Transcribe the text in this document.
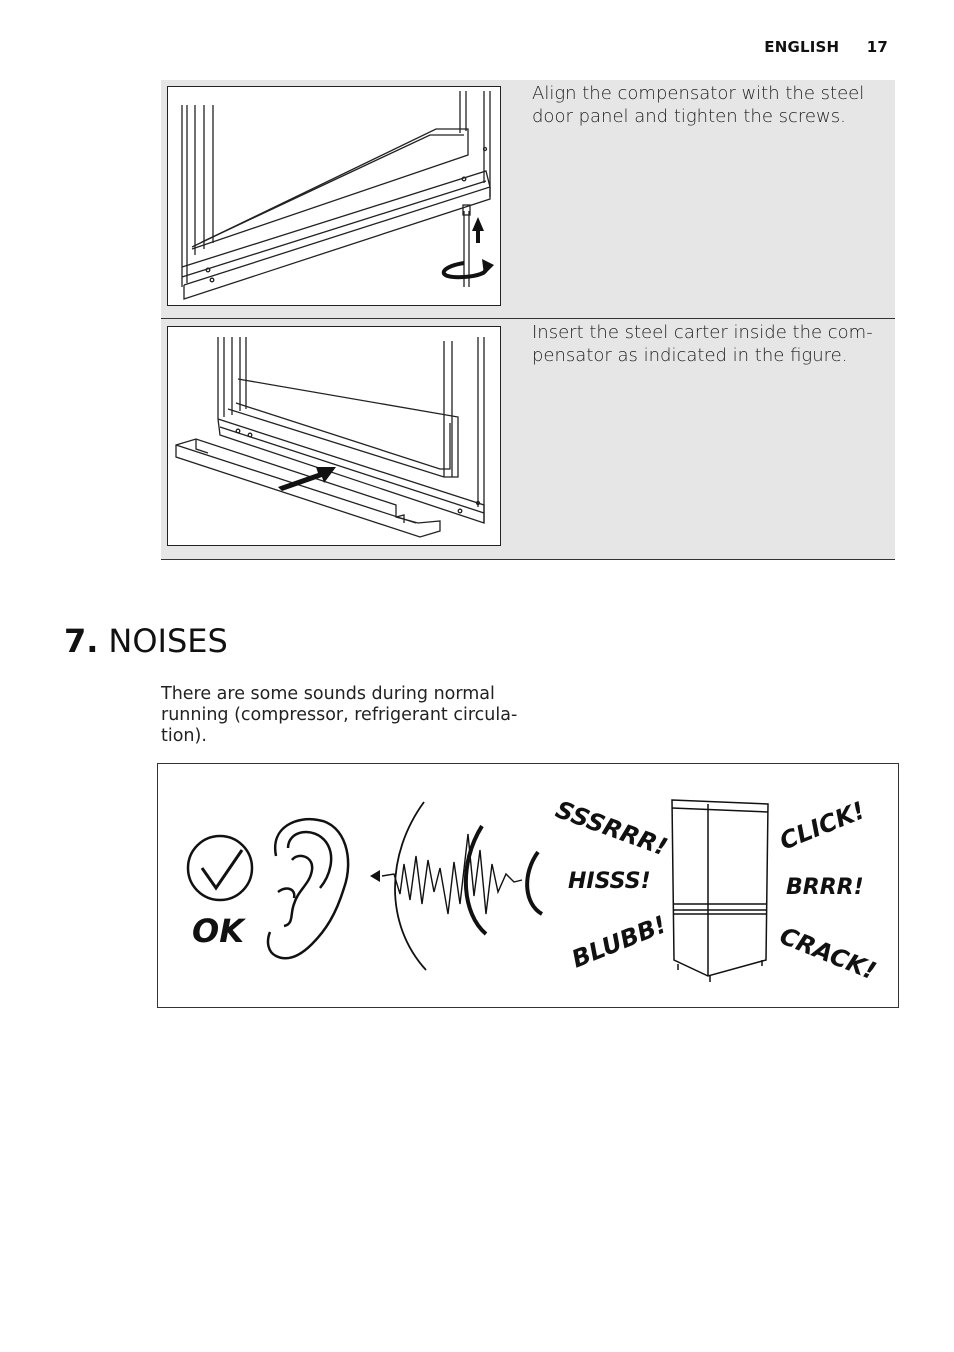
ENGLISH 17
Align the compensator with the steel
door panel and tighten the screws.
Insert the steel carter inside the com-
pensator as indicated in the figure.
7. NOISES
There are some sounds during normal
running (compressor, refrigerant circula-
tion).
OK
SSSRRR!
HISSS!
BLUBB!
CLICK!
BRRR!
CRACK!
